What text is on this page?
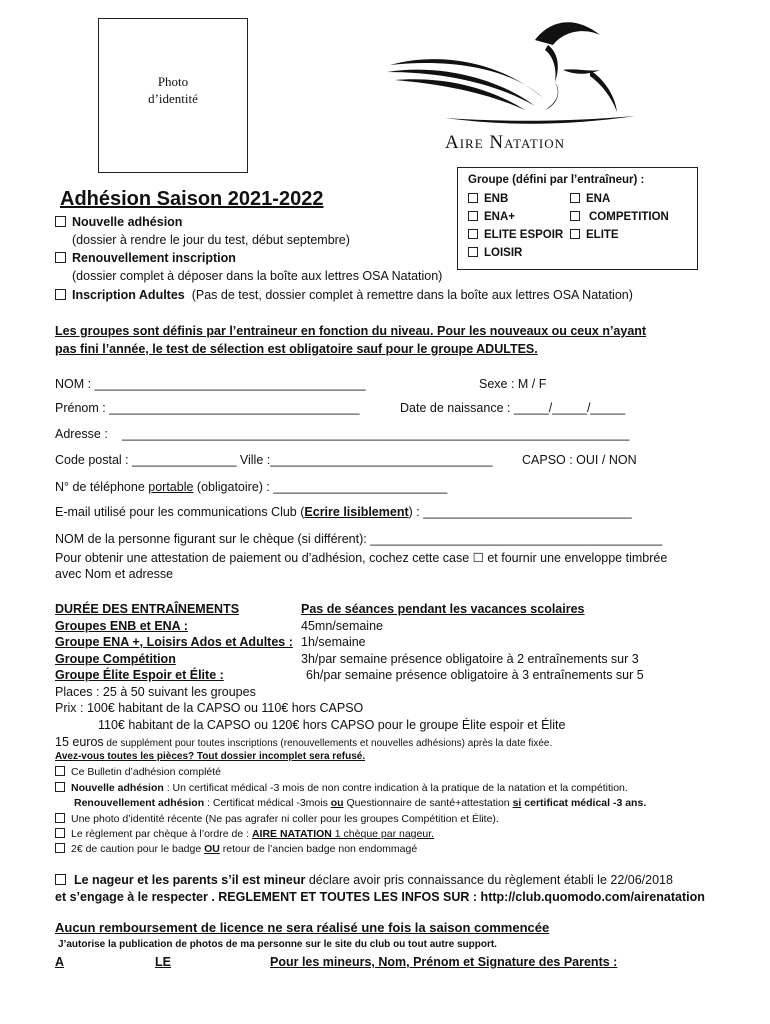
Photo
d’identité
Aire Natation
Groupe (défini par l’entraîneur) :
ENB	ENA
ENA+	COMPETITION
ELITE ESPOIR	ELITE
LOISIR
Adhésion Saison 2021-2022
Nouvelle adhésion
(dossier à rendre le jour du test, début septembre)
Renouvellement inscription
(dossier complet à déposer dans la boîte aux lettres OSA Natation)
Inscription Adultes (Pas de test, dossier complet à remettre dans la boîte aux lettres OSA Natation)
Les groupes sont définis par l’entraineur en fonction du niveau. Pour les nouveaux ou ceux n’ayant
pas fini l’année, le test de sélection est obligatoire sauf pour le groupe ADULTES.
NOM : _______________________________________	Sexe : M / F
Prénom : ____________________________________	Date de naissance : _____/_____/_____
Adresse : _________________________________________________________________________
Code postal : _______________ Ville :________________________________ CAPSO : OUI / NON
N° de téléphone portable (obligatoire) : _________________________
E-mail utilisé pour les communications Club (Ecrire lisiblement) : ______________________________
NOM de la personne figurant sur le chèque (si différent): __________________________________________
Pour obtenir une attestation de paiement ou d’adhésion, cochez cette case ☐ et fournir une enveloppe timbrée
avec Nom et adresse
DURÉE DES ENTRAÎNEMENTS	Pas de séances pendant les vacances scolaires
Groupes ENB et ENA :	45mn/semaine
Groupe ENA +, Loisirs Ados et Adultes : 1h/semaine
Groupe Compétition	3h/par semaine présence obligatoire à 2 entraînements sur 3
Groupe Élite Espoir et Élite :	6h/par semaine présence obligatoire à 3 entraînements sur 5
Places : 25 à 50 suivant les groupes
Prix : 100€ habitant de la CAPSO ou 110€ hors CAPSO
110€ habitant de la CAPSO ou 120€ hors CAPSO pour le groupe Élite espoir et Élite
15 euros de supplément pour toutes inscriptions (renouvellements et nouvelles adhésions) après la date fixée.
Avez-vous toutes les pièces? Tout dossier incomplet sera refusé.
Ce Bulletin d’adhésion complété
Nouvelle adhésion : Un certificat médical -3 mois de non contre indication à la pratique de la natation et la compétition.
Renouvellement adhésion : Certificat médical -3mois ou Questionnaire de santé+attestation si certificat médical -3 ans.
Une photo d’identité récente (Ne pas agrafer ni coller pour les groupes Compétition et Élite).
Le règlement par chèque à l’ordre de : AIRE NATATION 1 chèque par nageur.
2€ de caution pour le badge OU retour de l’ancien badge non endommagé
Le nageur et les parents s’il est mineur déclare avoir pris connaissance du règlement établi le 22/06/2018
et s’engage à le respecter . REGLEMENT ET TOUTES LES INFOS SUR : http://club.quomodo.com/airenatation
Aucun remboursement de licence ne sera réalisé une fois la saison commencée
J’autorise la publication de photos de ma personne sur le site du club ou tout autre support.
A	LE	Pour les mineurs, Nom, Prénom et Signature des Parents :
